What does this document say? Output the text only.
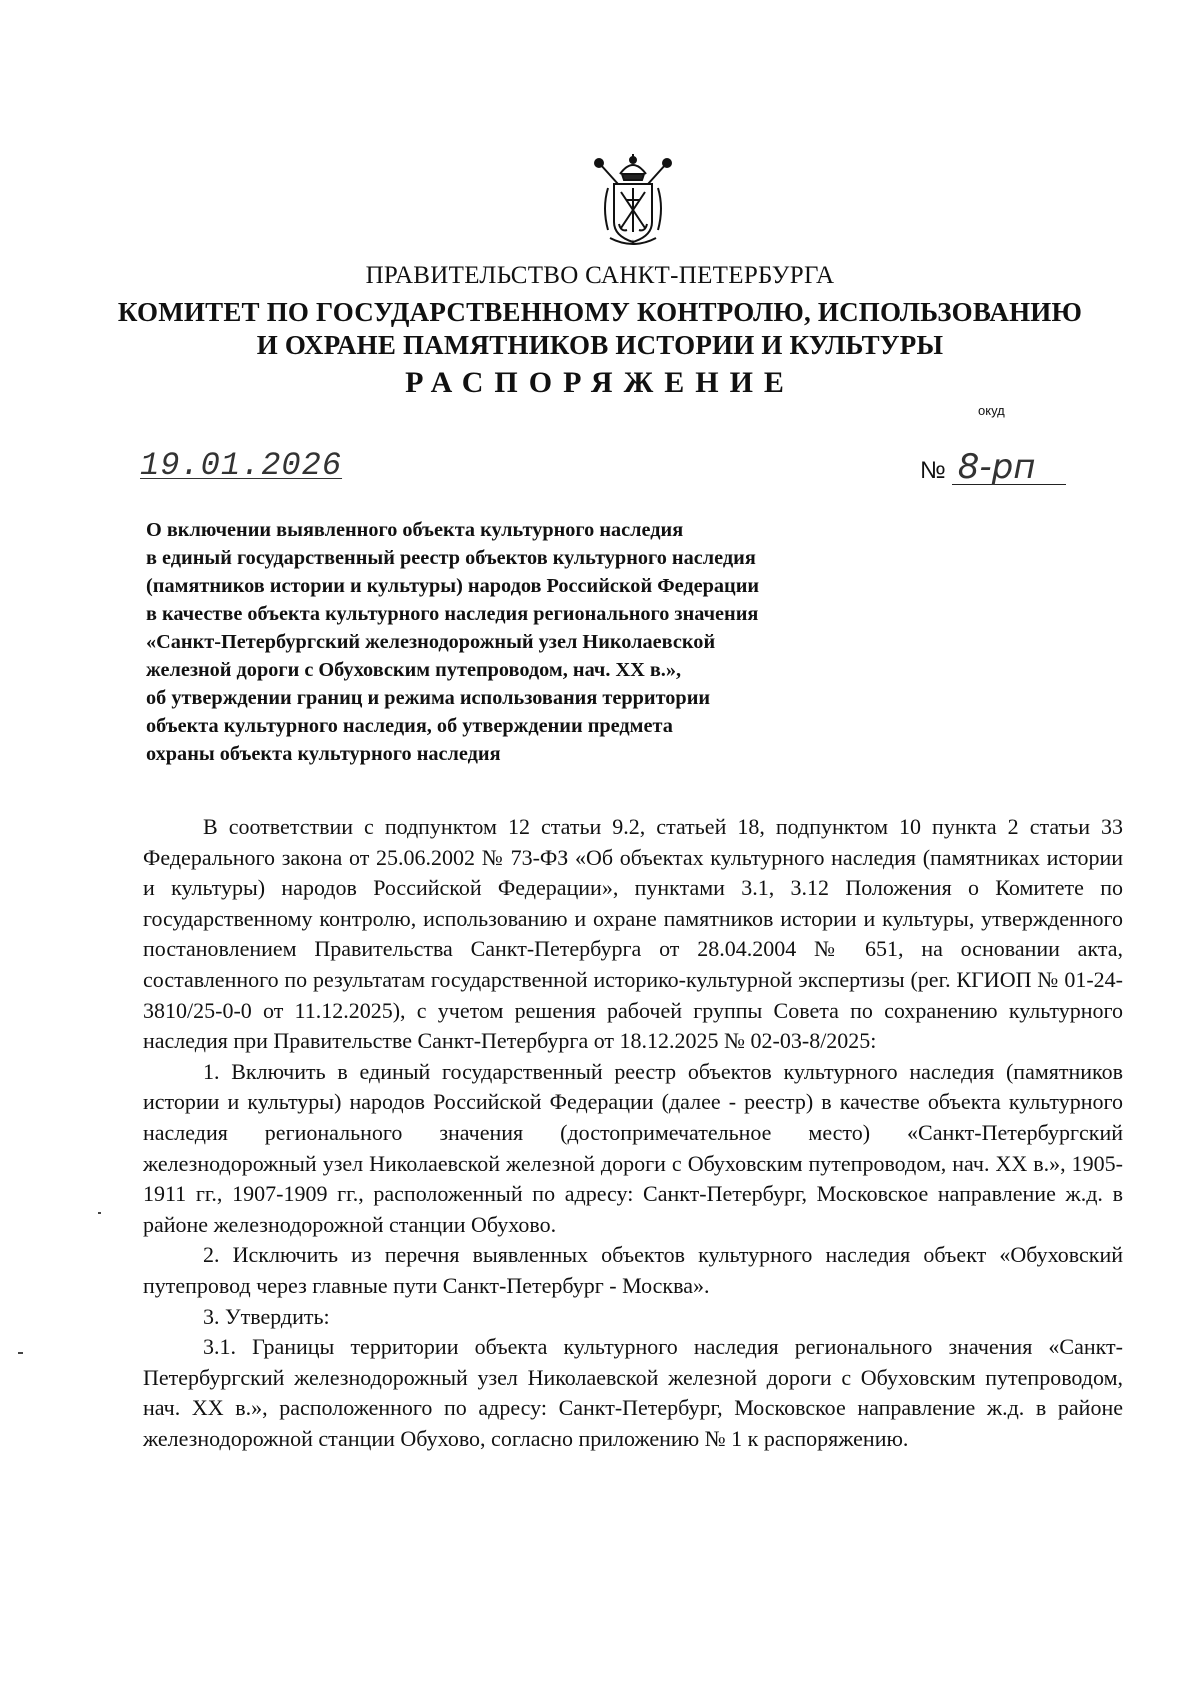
✦
ПРАВИТЕЛЬСТВО САНКТ-ПЕТЕРБУРГА
КОМИТЕТ ПО ГОСУДАРСТВЕННОМУ КОНТРОЛЮ, ИСПОЛЬЗОВАНИЮ
И ОХРАНЕ ПАМЯТНИКОВ ИСТОРИИ И КУЛЬТУРЫ
РАСПОРЯЖЕНИЕ
окуд
19.01.2026	№ 8-рп
О включении выявленного объекта культурного наследия
в единый государственный реестр объектов культурного наследия
(памятников истории и культуры) народов Российской Федерации
в качестве объекта культурного наследия регионального значения
«Санкт-Петербургский железнодорожный узел Николаевской
железной дороги с Обуховским путепроводом, нач. ХХ в.»,
об утверждении границ и режима использования территории
объекта культурного наследия, об утверждении предмета
охраны объекта культурного наследия

В соответствии с подпунктом 12 статьи 9.2, статьей 18, подпунктом 10 пункта 2 статьи 33 Федерального закона от 25.06.2002 № 73-ФЗ «Об объектах культурного наследия (памятниках истории и культуры) народов Российской Федерации», пунктами 3.1, 3.12 Положения о Комитете по государственному контролю, использованию и охране памятников истории и культуры, утвержденного постановлением Правительства Санкт-Петербурга от 28.04.2004 № 651, на основании акта, составленного по результатам государственной историко-культурной экспертизы (рег. КГИОП № 01-24-3810/25-0-0 от 11.12.2025), с учетом решения рабочей группы Совета по сохранению культурного наследия при Правительстве Санкт-Петербурга от 18.12.2025 № 02-03-8/2025:

1. Включить в единый государственный реестр объектов культурного наследия (памятников истории и культуры) народов Российской Федерации (далее - реестр) в качестве объекта культурного наследия регионального значения (достопримечательное место) «Санкт-Петербургский железнодорожный узел Николаевской железной дороги с Обуховским путепроводом, нач. ХХ в.», 1905-1911 гг., 1907-1909 гг., расположенный по адресу: Санкт-Петербург, Московское направление ж.д. в районе железнодорожной станции Обухово.

2. Исключить из перечня выявленных объектов культурного наследия объект «Обуховский путепровод через главные пути Санкт-Петербург - Москва».

3. Утвердить:

3.1. Границы территории объекта культурного наследия регионального значения «Санкт-Петербургский железнодорожный узел Николаевской железной дороги с Обуховским путепроводом, нач. ХХ в.», расположенного по адресу: Санкт-Петербург, Московское направление ж.д. в районе железнодорожной станции Обухово, согласно приложению № 1 к распоряжению.
